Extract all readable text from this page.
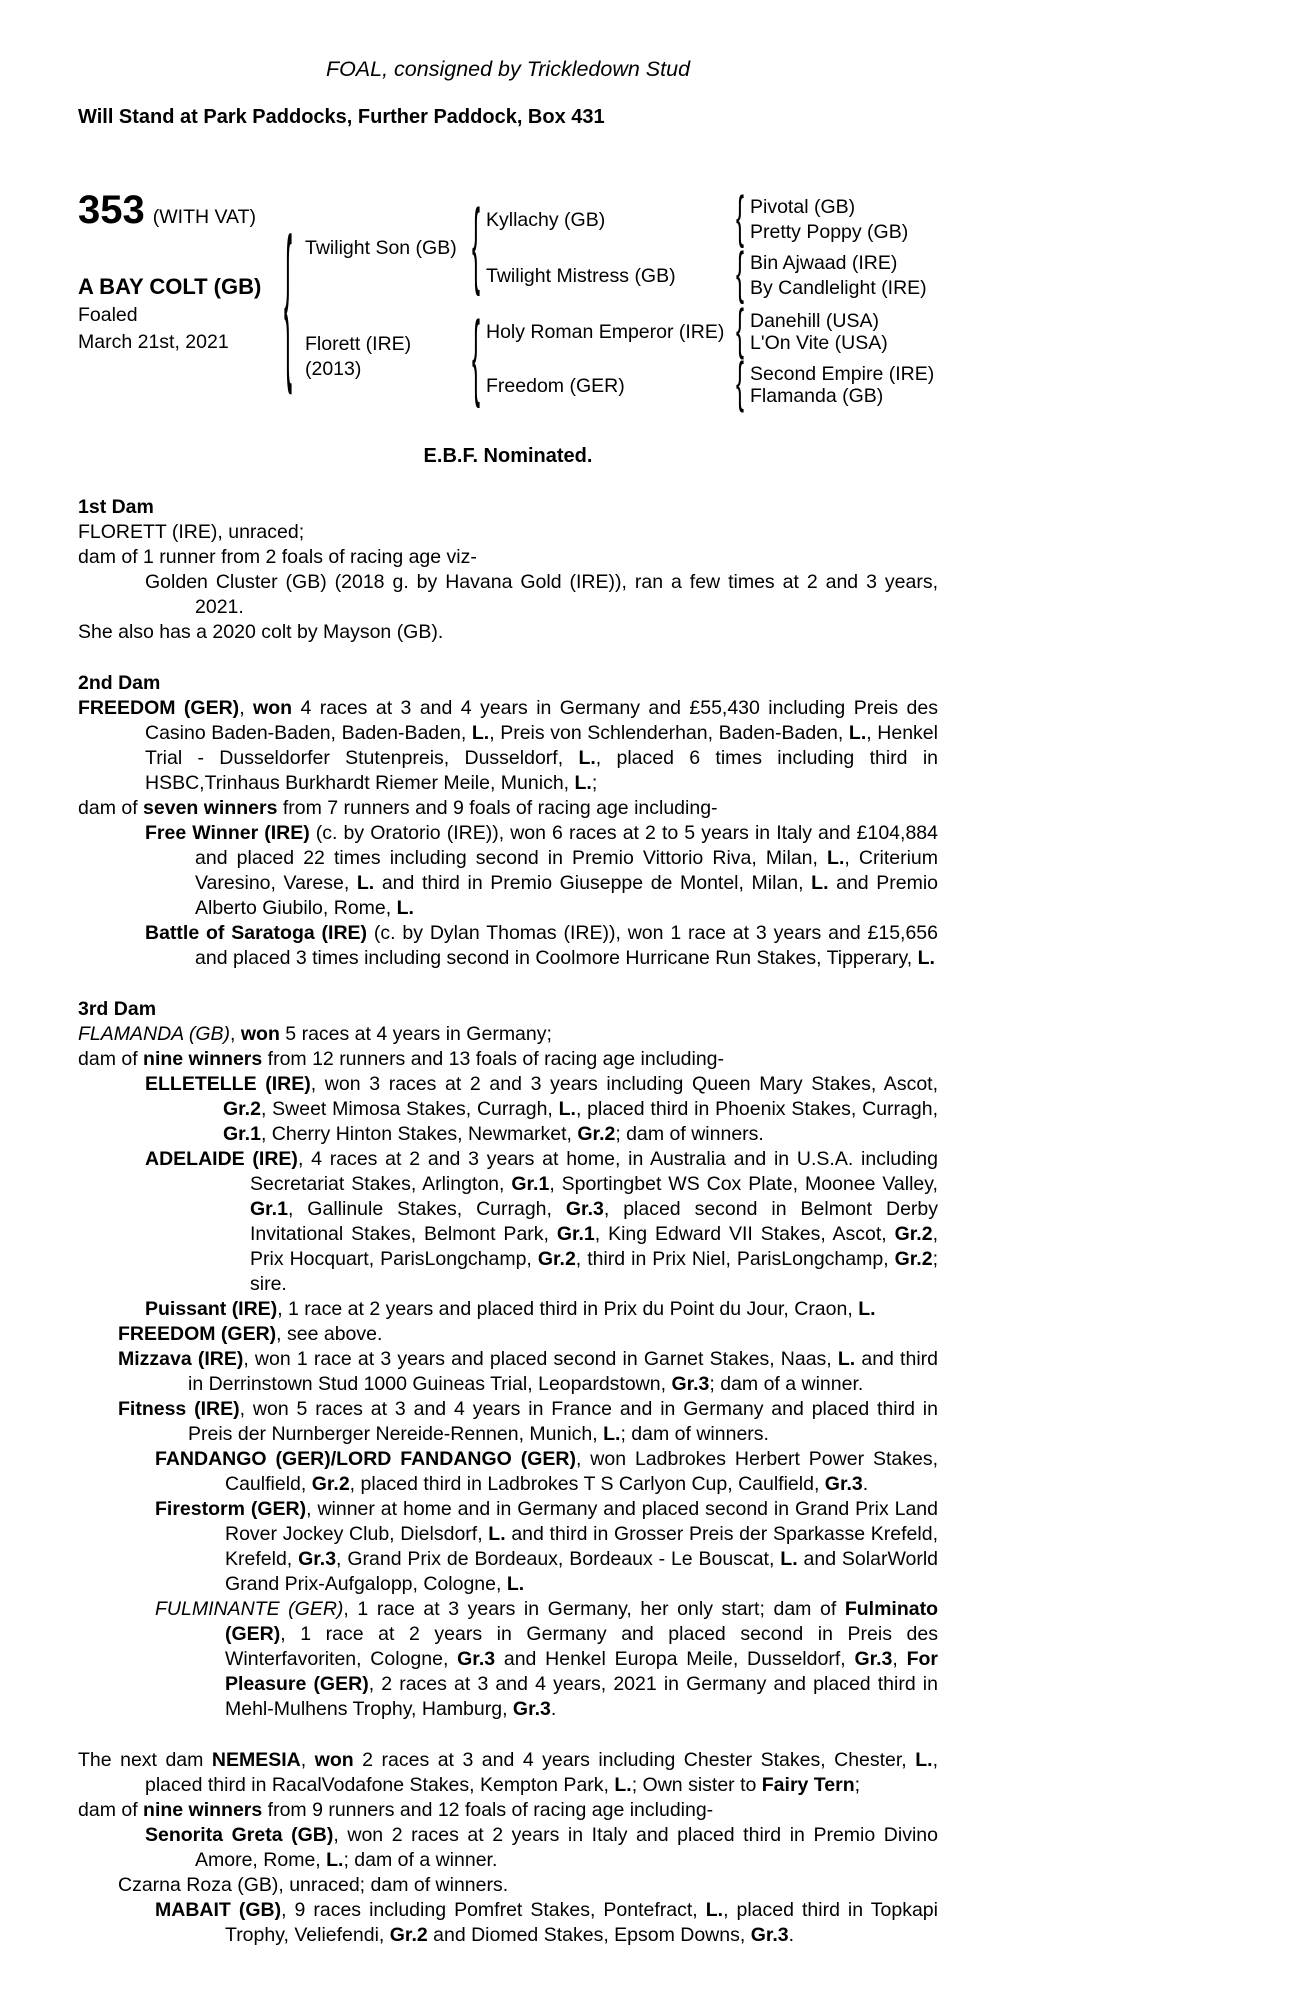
FOAL, consigned by Trickledown Stud
Will Stand at Park Paddocks, Further Paddock, Box 431
353 (WITH VAT)
A BAY COLT (GB)
Foaled
March 21st, 2021
{
Twilight Son (GB)
Florett (IRE)
(2013)
{
{
Kyllachy (GB)
Twilight Mistress (GB)
Holy Roman Emperor (IRE)
Freedom (GER)
{
{
{
{
Pivotal (GB)
Pretty Poppy (GB)
Bin Ajwaad (IRE)
By Candlelight (IRE)
Danehill (USA)
L'On Vite (USA)
Second Empire (IRE)
Flamanda (GB)
E.B.F. Nominated.
1st Dam
FLORETT (IRE), unraced;
dam of 1 runner from 2 foals of racing age viz-
Golden Cluster (GB) (2018 g. by Havana Gold (IRE)), ran a few times at 2 and 3 years, 2021.
She also has a 2020 colt by Mayson (GB).
2nd Dam
FREEDOM (GER), won 4 races at 3 and 4 years in Germany and £55,430 including Preis des Casino Baden-Baden, Baden-Baden, L., Preis von Schlenderhan, Baden-Baden, L., Henkel Trial - Dusseldorfer Stutenpreis, Dusseldorf, L., placed 6 times including third in HSBC,Trinhaus Burkhardt Riemer Meile, Munich, L.;
dam of seven winners from 7 runners and 9 foals of racing age including-
Free Winner (IRE) (c. by Oratorio (IRE)), won 6 races at 2 to 5 years in Italy and £104,884 and placed 22 times including second in Premio Vittorio Riva, Milan, L., Criterium Varesino, Varese, L. and third in Premio Giuseppe de Montel, Milan, L. and Premio Alberto Giubilo, Rome, L.
Battle of Saratoga (IRE) (c. by Dylan Thomas (IRE)), won 1 race at 3 years and £15,656 and placed 3 times including second in Coolmore Hurricane Run Stakes, Tipperary, L.
3rd Dam
FLAMANDA (GB), won 5 races at 4 years in Germany;
dam of nine winners from 12 runners and 13 foals of racing age including-
ELLETELLE (IRE), won 3 races at 2 and 3 years including Queen Mary Stakes, Ascot, Gr.2, Sweet Mimosa Stakes, Curragh, L., placed third in Phoenix Stakes, Curragh, Gr.1, Cherry Hinton Stakes, Newmarket, Gr.2; dam of winners.
ADELAIDE (IRE), 4 races at 2 and 3 years at home, in Australia and in U.S.A. including Secretariat Stakes, Arlington, Gr.1, Sportingbet WS Cox Plate, Moonee Valley, Gr.1, Gallinule Stakes, Curragh, Gr.3, placed second in Belmont Derby Invitational Stakes, Belmont Park, Gr.1, King Edward VII Stakes, Ascot, Gr.2, Prix Hocquart, ParisLongchamp, Gr.2, third in Prix Niel, ParisLongchamp, Gr.2; sire.
Puissant (IRE), 1 race at 2 years and placed third in Prix du Point du Jour, Craon, L.
FREEDOM (GER), see above.
Mizzava (IRE), won 1 race at 3 years and placed second in Garnet Stakes, Naas, L. and third in Derrinstown Stud 1000 Guineas Trial, Leopardstown, Gr.3; dam of a winner.
Fitness (IRE), won 5 races at 3 and 4 years in France and in Germany and placed third in Preis der Nurnberger Nereide-Rennen, Munich, L.; dam of winners.
FANDANGO (GER)/LORD FANDANGO (GER), won Ladbrokes Herbert Power Stakes, Caulfield, Gr.2, placed third in Ladbrokes T S Carlyon Cup, Caulfield, Gr.3.
Firestorm (GER), winner at home and in Germany and placed second in Grand Prix Land Rover Jockey Club, Dielsdorf, L. and third in Grosser Preis der Sparkasse Krefeld, Krefeld, Gr.3, Grand Prix de Bordeaux, Bordeaux - Le Bouscat, L. and SolarWorld Grand Prix-Aufgalopp, Cologne, L.
FULMINANTE (GER), 1 race at 3 years in Germany, her only start; dam of Fulminato (GER), 1 race at 2 years in Germany and placed second in Preis des Winterfavoriten, Cologne, Gr.3 and Henkel Europa Meile, Dusseldorf, Gr.3, For Pleasure (GER), 2 races at 3 and 4 years, 2021 in Germany and placed third in Mehl-Mulhens Trophy, Hamburg, Gr.3.
The next dam NEMESIA, won 2 races at 3 and 4 years including Chester Stakes, Chester, L., placed third in RacalVodafone Stakes, Kempton Park, L.; Own sister to Fairy Tern;
dam of nine winners from 9 runners and 12 foals of racing age including-
Senorita Greta (GB), won 2 races at 2 years in Italy and placed third in Premio Divino Amore, Rome, L.; dam of a winner.
Czarna Roza (GB), unraced; dam of winners.
MABAIT (GB), 9 races including Pomfret Stakes, Pontefract, L., placed third in Topkapi Trophy, Veliefendi, Gr.2 and Diomed Stakes, Epsom Downs, Gr.3.
